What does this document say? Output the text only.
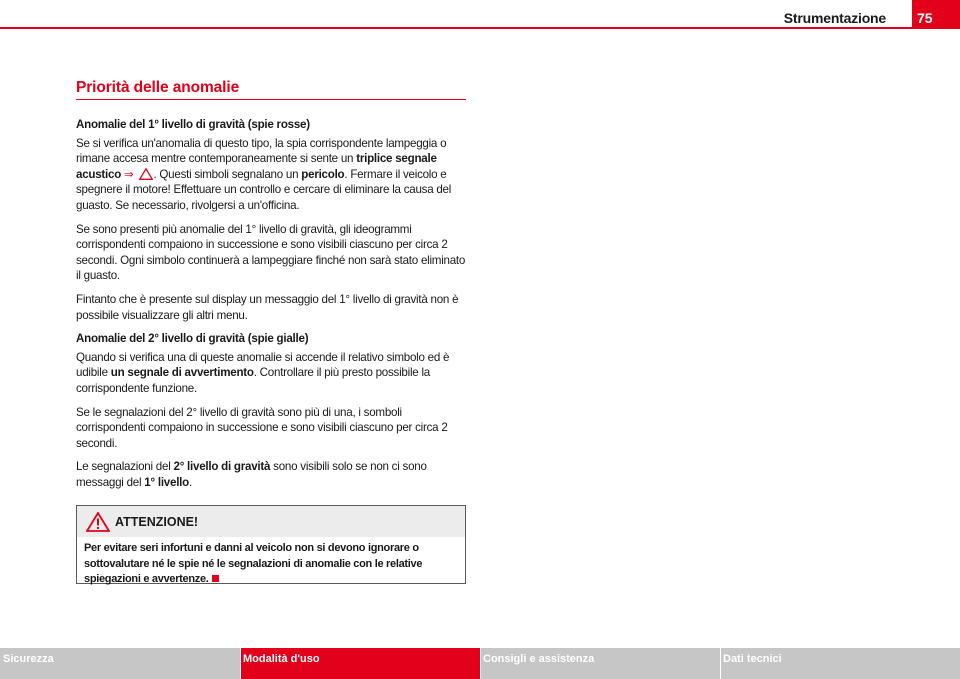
Strumentazione 75
Priorità delle anomalie

Anomalie del 1° livello di gravità (spie rosse)

Se si verifica un'anomalia di questo tipo, la spia corrispondente lampeggia o rimane accesa mentre contemporaneamente si sente un triplice segnale acustico ⇒ . Questi simboli segnalano un pericolo. Fermare il veicolo e spegnere il motore! Effettuare un controllo e cercare di eliminare la causa del guasto. Se necessario, rivolgersi a un'officina.

Se sono presenti più anomalie del 1° livello di gravità, gli ideogrammi corrispondenti compaiono in successione e sono visibili ciascuno per circa 2 secondi. Ogni simbolo continuerà a lampeggiare finché non sarà stato eliminato il guasto.

Fintanto che è presente sul display un messaggio del 1° livello di gravità non è possibile visualizzare gli altri menu.

Anomalie del 2° livello di gravità (spie gialle)

Quando si verifica una di queste anomalie si accende il relativo simbolo ed è udibile un segnale di avvertimento. Controllare il più presto possibile la corrispondente funzione.

Se le segnalazioni del 2° livello di gravità sono più di una, i somboli corrispondenti compaiono in successione e sono visibili ciascuno per circa 2 secondi.

Le segnalazioni del 2° livello di gravità sono visibili solo se non ci sono messaggi del 1° livello.

ATTENZIONE!
Per evitare seri infortuni e danni al veicolo non si devono ignorare o sottovalutare né le spie né le segnalazioni di anomalie con le relative spiegazioni e avvertenze.
Sicurezza	Modalità d'uso	Consigli e assistenza	Dati tecnici
